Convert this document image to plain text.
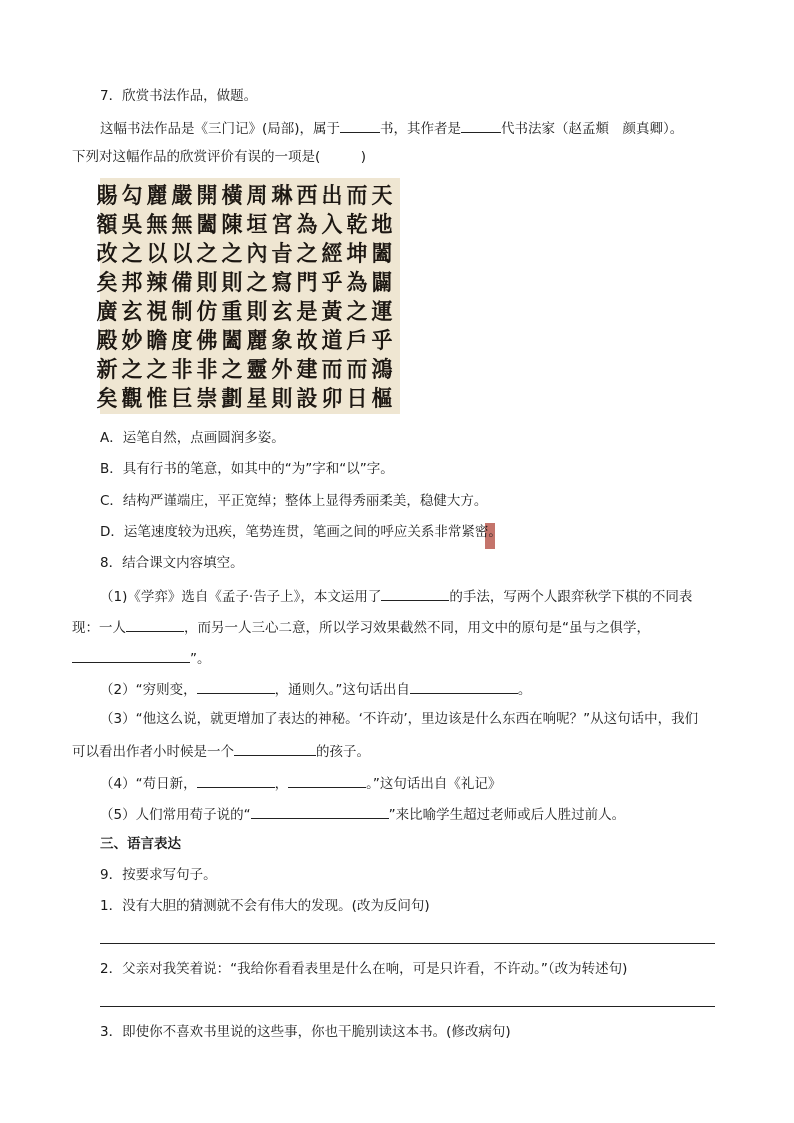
7．欣赏书法作品，做题。
这幅书法作品是《三门记》(局部)，属于	书，其作者是	代书法家（赵孟頫　颜真卿）。
下列对这幅作品的欣赏评价有误的一项是(　　　)
天
地
闔
闢
運
乎
鴻
樞
而
乾
坤
為
之
戶
而
日
出
入
經
乎
黃
道
而
卯
西
為
之
門
是
故
建
設
琳
宮
㫖
寫
玄
象
外
則
周
垣
內
之
則
麗
靈
星
橫
陳
之
則
重
闔
之
劃
開
闔
之
則
仿
佛
非
崇
嚴
無
以
備
制
度
非
巨
麗
無
以
辣
視
瞻
之
惟
勾
吳
之
邦
玄
妙
之
觀
賜
額
改
矣
廣
殿
新
矣
A．运笔自然，点画圆润多姿。
B．具有行书的笔意，如其中的“为”字和“以”字。
C．结构严谨端庄，平正宽绰；整体上显得秀丽柔美，稳健大方。
D．运笔速度较为迅疾，笔势连贯，笔画之间的呼应关系非常紧密。
8．结合课文内容填空。
（1)《学弈》选自《孟子·告子上》，本文运用了	的手法，写两个人跟弈秋学下棋的不同表
现：一人	，而另一人三心二意，所以学习效果截然不同，用文中的原句是“虽与之俱学，
”。
（2）“穷则变，	，通则久。”这句话出自	。
（3）“他这么说，就更增加了表达的神秘。‘不许动’，里边该是什么东西在响呢？”从这句话中，我们
可以看出作者小时候是一个	的孩子。
（4）“苟日新，	，	。”这句话出自《礼记》
（5）人们常用荀子说的“	”来比喻学生超过老师或后人胜过前人。
三、语言表达
9．按要求写句子。
1．没有大胆的猜测就不会有伟大的发现。(改为反问句)
2．父亲对我笑着说：“我给你看看表里是什么在响，可是只许看，不许动。”（改为转述句)
3．即使你不喜欢书里说的这些事，你也干脆别读这本书。(修改病句)
